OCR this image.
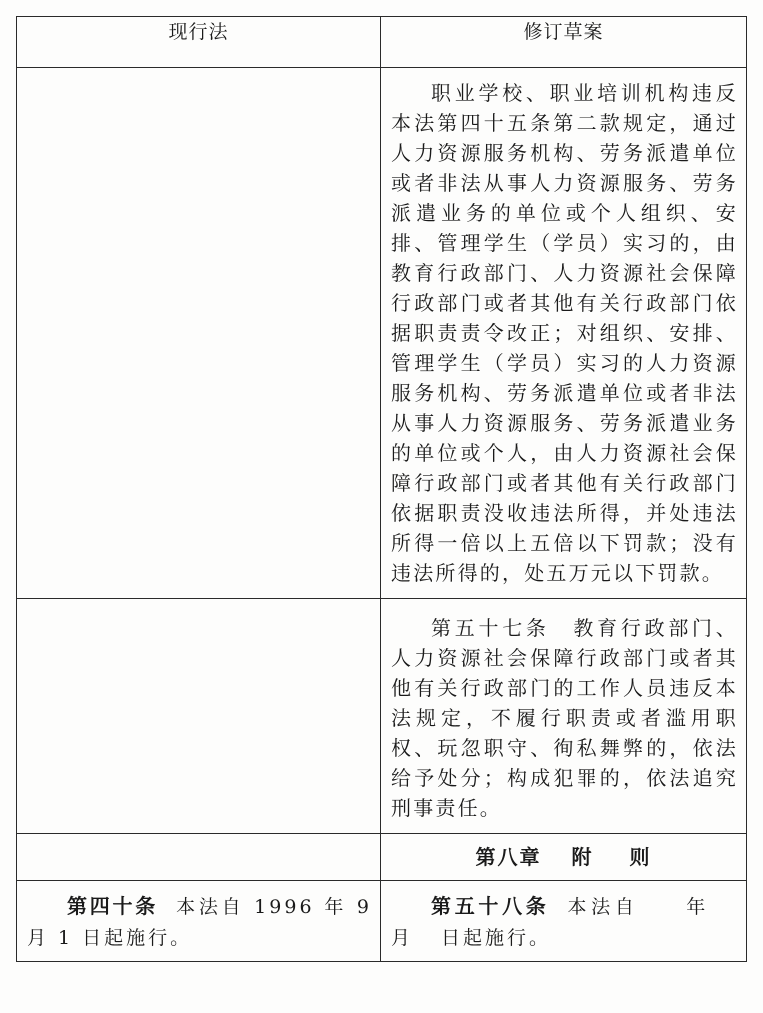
现行法	修订草案

	职业学校、职业培训机构违反本法第四十五条第二款规定，通过人力资源服务机构、劳务派遣单位或者非法从事人力资源服务、劳务派遣业务的单位或个人组织、安排、管理学生（学员）实习的，由教育行政部门、人力资源社会保障行政部门或者其他有关行政部门依据职责责令改正；对组织、安排、管理学生（学员）实习的人力资源服务机构、劳务派遣单位或者非法从事人力资源服务、劳务派遣业务的单位或个人，由人力资源社会保障行政部门或者其他有关行政部门依据职责没收违法所得，并处违法所得一倍以上五倍以下罚款；没有违法所得的，处五万元以下罚款。

	第五十七条　教育行政部门、人力资源社会保障行政部门或者其他有关行政部门的工作人员违反本法规定，不履行职责或者滥用职权、玩忽职守、徇私舞弊的，依法给予处分；构成犯罪的，依法追究刑事责任。

	第八章 附 则

第四十条 本法自 1996 年 9 月 1 日起施行。	第五十八条 本法自 年月 日起施行。
